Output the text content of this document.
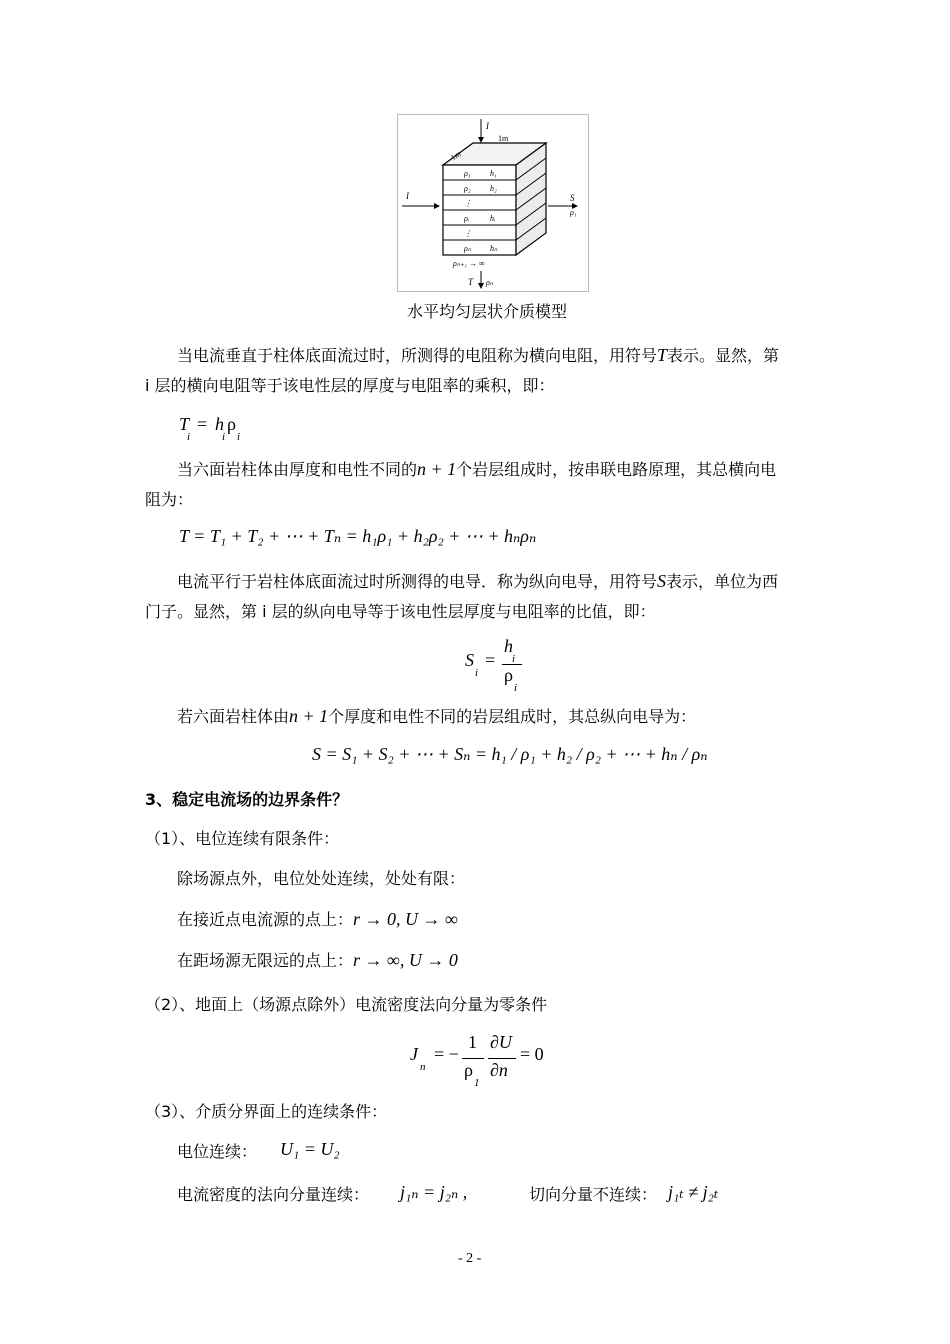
I
1m
1m
ρ₁ h₁
ρ₂ h₂
⋮
ρᵢ	hᵢ
⋮
ρₙ hₙ
I	S
ρ₁
ρₙ₊₁ → ∞
T ρₙ
水平均匀层状介质模型
当电流垂直于柱体底面流过时，所测得的电阻称为横向电阻，用符号T表示。显然，第
i 层的横向电阻等于该电性层的厚度与电阻率的乘积，即：
T
i
= h
i
ρ
i
当六面岩柱体由厚度和电性不同的n + 1个岩层组成时，按串联电路原理，其总横向电
阻为：
T = T₁ + T₂ + ⋯ + Tₙ = h₁ρ₁ + h₂ρ₂ + ⋯ + hₙρₙ
电流平行于岩柱体底面流过时所测得的电导．称为纵向电导，用符号S表示，单位为西
门子。显然，第 i 层的纵向电导等于该电性层厚度与电阻率的比值，即：
S
i
=
h
i
ρ
i
若六面岩柱体由n + 1个厚度和电性不同的岩层组成时，其总纵向电导为：
S = S₁ + S₂ + ⋯ + Sₙ = h₁ / ρ₁ + h₂ / ρ₂ + ⋯ + hₙ / ρₙ
3、稳定电流场的边界条件？
（1）、电位连续有限条件：
除场源点外，电位处处连续，处处有限：
在接近点电流源的点上：r → 0, U → ∞
在距场源无限远的点上：r → ∞, U → 0
（2）、地面上（场源点除外）电流密度法向分量为零条件
J
n
= −
1
ρ
1
∂U
∂n
= 0
（3）、介质分界面上的连续条件：
电位连续： U₁ = U₂
电流密度的法向分量连续： j₁ₙ = j₂ₙ ,	切向分量不连续： j₁ₜ ≠ j₂ₜ
- 2 -
